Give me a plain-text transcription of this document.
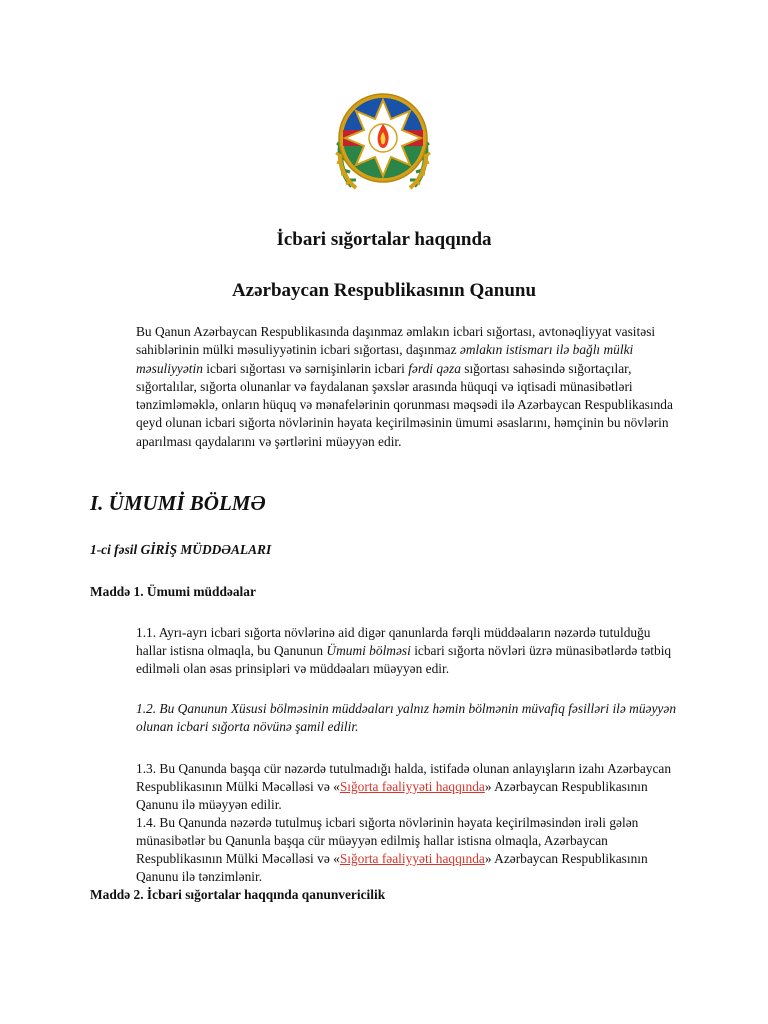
İcbari sığortalar haqqında
Azərbaycan Respublikasının Qanunu

Bu Qanun Azərbaycan Respublikasında daşınmaz əmlakın icbari sığortası, avtonəqliyyat vasitəsi sahiblərinin mülki məsuliyyətinin icbari sığortası, daşınmaz əmlakın istismarı ilə bağlı mülki məsuliyyətin icbari sığortası və sərnişinlərin icbari fərdi qəza sığortası sahəsində sığortaçılar, sığortalılar, sığorta olunanlar və faydalanan şəxslər arasında hüquqi və iqtisadi münasibətləri tənzimləməklə, onların hüquq və mənafelərinin qorunması məqsədi ilə Azərbaycan Respublikasında qeyd olunan icbari sığorta növlərinin həyata keçirilməsinin ümumi əsaslarını, həmçinin bu növlərin aparılması qaydalarını və şərtlərini müəyyən edir.

I. ÜMUMİ BÖLMƏ
1-ci fəsil GİRİŞ MÜDDƏALARI
Maddə 1. Ümumi müddəalar

1.1. Ayrı-ayrı icbari sığorta növlərinə aid digər qanunlarda fərqli müddəaların nəzərdə tutulduğu hallar istisna olmaqla, bu Qanunun Ümumi bölməsi icbari sığorta növləri üzrə münasibətlərdə tətbiq edilməli olan əsas prinsipləri və müddəaları müəyyən edir.

1.2. Bu Qanunun Xüsusi bölməsinin müddəaları yalnız həmin bölmənin müvafiq fəsilləri ilə müəyyən olunan icbari sığorta növünə şamil edilir.

1.3. Bu Qanunda başqa cür nəzərdə tutulmadığı halda, istifadə olunan anlayışların izahı Azərbaycan Respublikasının Mülki Məcəlləsi və «Sığorta fəaliyyəti haqqında» Azərbaycan Respublikasının Qanunu ilə müəyyən edilir.

1.4. Bu Qanunda nəzərdə tutulmuş icbari sığorta növlərinin həyata keçirilməsindən irəli gələn münasibətlər bu Qanunla başqa cür müəyyən edilmiş hallar istisna olmaqla, Azərbaycan Respublikasının Mülki Məcəlləsi və «Sığorta fəaliyyəti haqqında» Azərbaycan Respublikasının Qanunu ilə tənzimlənir.

Maddə 2. İcbari sığortalar haqqında qanunvericilik
